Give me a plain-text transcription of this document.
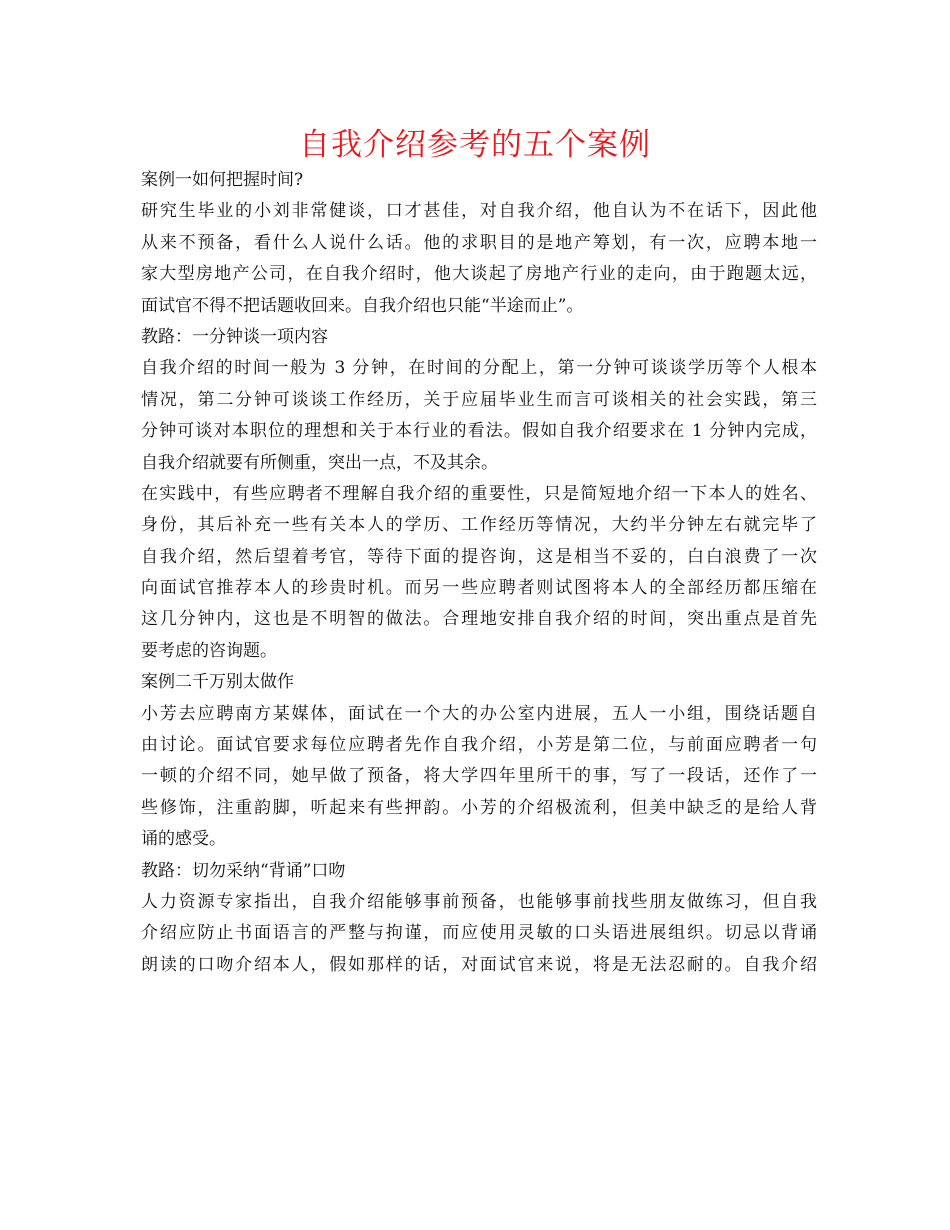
自我介绍参考的五个案例
案例一如何把握时间?
研究生毕业的小刘非常健谈，口才甚佳，对自我介绍，他自认为不在话下，因此他
从来不预备，看什么人说什么话。他的求职目的是地产筹划，有一次，应聘本地一
家大型房地产公司，在自我介绍时，他大谈起了房地产行业的走向，由于跑题太远，
面试官不得不把话题收回来。自我介绍也只能“半途而止”。
教路：一分钟谈一项内容
自我介绍的时间一般为 3 分钟，在时间的分配上，第一分钟可谈谈学历等个人根本
情况，第二分钟可谈谈工作经历，关于应届毕业生而言可谈相关的社会实践，第三
分钟可谈对本职位的理想和关于本行业的看法。假如自我介绍要求在 1 分钟内完成，
自我介绍就要有所侧重，突出一点，不及其余。
在实践中，有些应聘者不理解自我介绍的重要性，只是简短地介绍一下本人的姓名、
身份，其后补充一些有关本人的学历、工作经历等情况，大约半分钟左右就完毕了
自我介绍，然后望着考官，等待下面的提咨询，这是相当不妥的，白白浪费了一次
向面试官推荐本人的珍贵时机。而另一些应聘者则试图将本人的全部经历都压缩在
这几分钟内，这也是不明智的做法。合理地安排自我介绍的时间，突出重点是首先
要考虑的咨询题。
案例二千万别太做作
小芳去应聘南方某媒体，面试在一个大的办公室内进展，五人一小组，围绕话题自
由讨论。面试官要求每位应聘者先作自我介绍，小芳是第二位，与前面应聘者一句
一顿的介绍不同，她早做了预备，将大学四年里所干的事，写了一段话，还作了一
些修饰，注重韵脚，听起来有些押韵。小芳的介绍极流利，但美中缺乏的是给人背
诵的感受。
教路：切勿采纳“背诵”口吻
人力资源专家指出，自我介绍能够事前预备，也能够事前找些朋友做练习，但自我
介绍应防止书面语言的严整与拘谨，而应使用灵敏的口头语进展组织。切忌以背诵
朗读的口吻介绍本人，假如那样的话，对面试官来说，将是无法忍耐的。自我介绍
